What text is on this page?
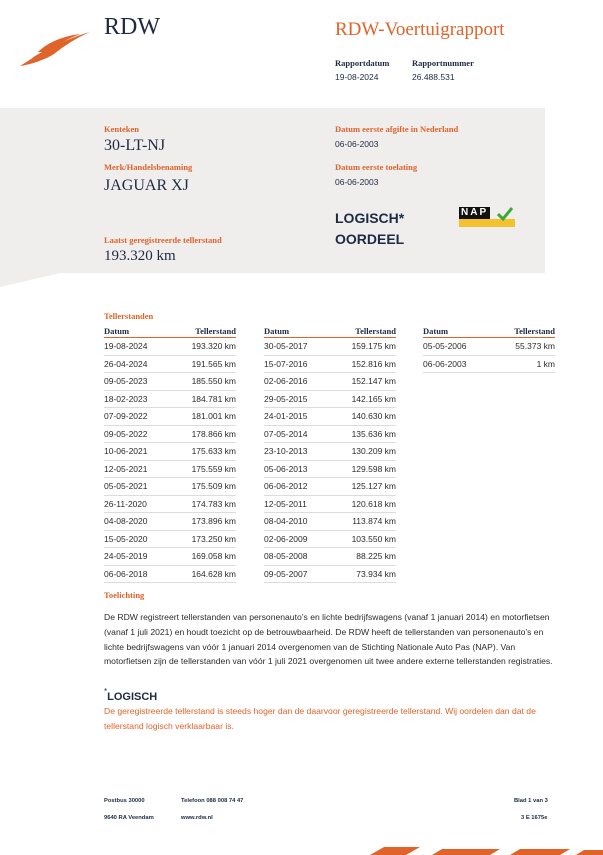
RDW	RDW-Voertuigrapport
Rapportdatum
19-08-2024
Rapportnummer
26.488.531
Kenteken
30-LT-NJ
Merk/Handelsbenaming
JAGUAR XJ
Datum eerste afgifte in Nederland
06-06-2003
Datum eerste toelating
06-06-2003
LOGISCH*
OORDEEL
NAP
Laatst geregistreerde tellerstand
193.320 km
Tellerstanden
Datum	Tellerstand
19-08-2024	193.320 km
26-04-2024	191.565 km
09-05-2023	185.550 km
18-02-2023	184.781 km
07-09-2022	181.001 km
09-05-2022	178.866 km
10-06-2021	175.633 km
12-05-2021	175.559 km
05-05-2021	175.509 km
26-11-2020	174.783 km
04-08-2020	173.896 km
15-05-2020	173.250 km
24-05-2019	169.058 km
06-06-2018	164.628 km
Datum	Tellerstand
30-05-2017	159.175 km
15-07-2016	152.816 km
02-06-2016	152.147 km
29-05-2015	142.165 km
24-01-2015	140.630 km
07-05-2014	135.636 km
23-10-2013	130.209 km
05-06-2013	129.598 km
06-06-2012	125.127 km
12-05-2011	120.618 km
08-04-2010	113.874 km
02-06-2009	103.550 km
08-05-2008	88.225 km
09-05-2007	73.934 km
Datum	Tellerstand
05-05-2006	55.373 km
06-06-2003	1 km
Toelichting
De RDW registreert tellerstanden van personenauto’s en lichte bedrijfswagens (vanaf 1 januari 2014) en motorfietsen (vanaf 1 juli 2021) en houdt toezicht op de betrouwbaarheid. De RDW heeft de tellerstanden van personenauto’s en lichte bedrijfswagens van vóór 1 januari 2014 overgenomen van de Stichting Nationale Auto Pas (NAP). Van motorfietsen zijn de tellerstanden van vóór 1 juli 2021 overgenomen uit twee andere externe tellerstanden registraties.
*LOGISCH
De geregistreerde tellerstand is steeds hoger dan de daarvoor geregistreerde tellerstand. Wij oordelen dan dat de tellerstand logisch verklaarbaar is.
Postbus 30000
9640 RA Veendam
Telefoon 088 008 74 47
www.rdw.nl
Blad 1 van 3
3 E 1675e
